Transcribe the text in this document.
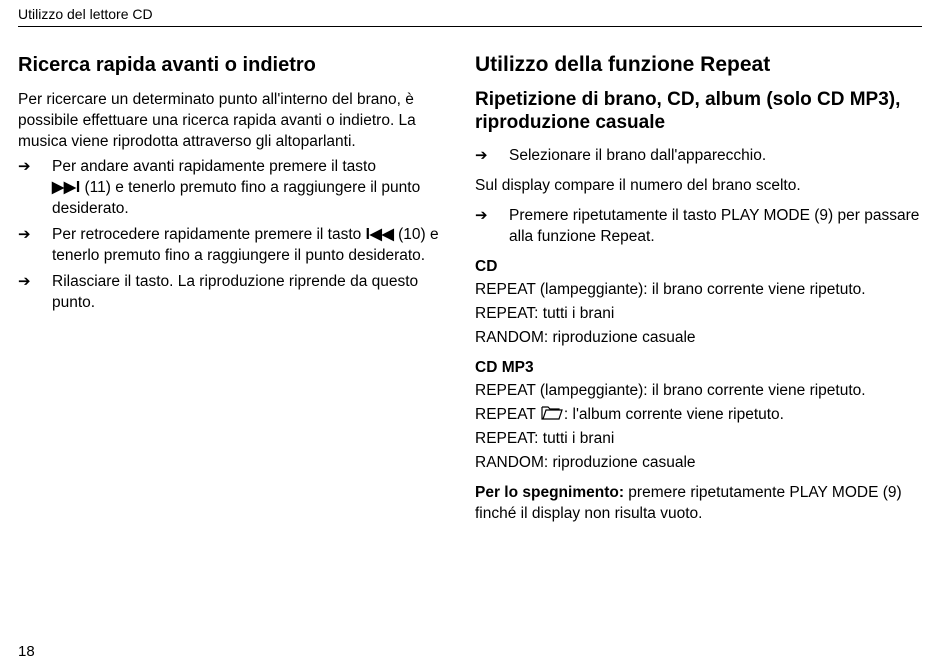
Utilizzo del lettore CD
Ricerca rapida avanti o indietro

Per ricercare un determinato punto all'interno del brano, è possibile effettuare una ricerca rapida avanti o indietro. La musica viene riprodotta attraverso gli altoparlanti.

➔	Per andare avanti rapidamente premere il tasto
▶▶I (11) e tenerlo premuto fino a raggiungere il punto desiderato.
➔	Per retrocedere rapidamente premere il tasto I◀◀ (10) e tenerlo premuto fino a raggiungere il punto desiderato.
➔	Rilasciare il tasto. La riproduzione riprende da questo punto.
Utilizzo della funzione Repeat
Ripetizione di brano, CD, album (solo CD MP3), riproduzione casuale
➔	Selezionare il brano dall'apparecchio.

Sul display compare il numero del brano scelto.

➔	Premere ripetutamente il tasto PLAY MODE (9) per passare alla funzione Repeat.

CD

REPEAT (lampeggiante): il brano corrente viene ripetuto.

REPEAT: tutti i brani

RANDOM: riproduzione casuale

CD MP3

REPEAT (lampeggiante): il brano corrente viene ripetuto.

REPEAT : l'album corrente viene ripetuto.

REPEAT: tutti i brani

RANDOM: riproduzione casuale

Per lo spegnimento: premere ripetutamente PLAY MODE (9) finché il display non risulta vuoto.

18
